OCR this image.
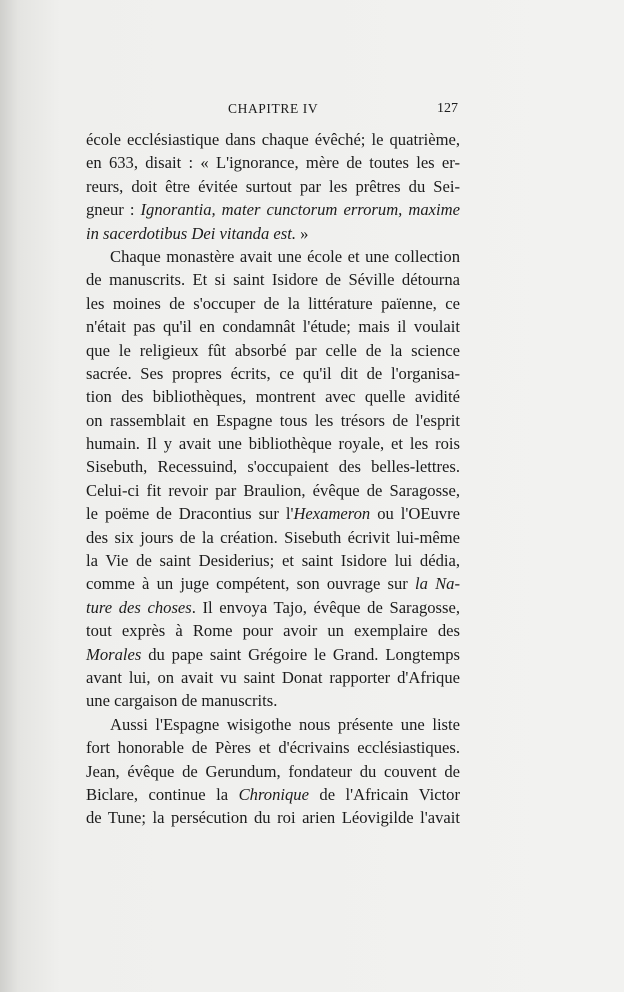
CHAPITRE IV	127
école ecclésiastique dans chaque évêché; le quatrième,
en 633, disait : « L'ignorance, mère de toutes les er-
reurs, doit être évitée surtout par les prêtres du Sei-
gneur : Ignorantia, mater cunctorum errorum, maxime
in sacerdotibus Dei vitanda est. »
Chaque monastère avait une école et une collection
de manuscrits. Et si saint Isidore de Séville détourna
les moines de s'occuper de la littérature païenne, ce
n'était pas qu'il en condamnât l'étude; mais il voulait
que le religieux fût absorbé par celle de la science
sacrée. Ses propres écrits, ce qu'il dit de l'organisa-
tion des bibliothèques, montrent avec quelle avidité
on rassemblait en Espagne tous les trésors de l'esprit
humain. Il y avait une bibliothèque royale, et les rois
Sisebuth, Recessuind, s'occupaient des belles-lettres.
Celui-ci fit revoir par Braulion, évêque de Saragosse,
le poëme de Dracontius sur l'Hexameron ou l'OEuvre
des six jours de la création. Sisebuth écrivit lui-même
la Vie de saint Desiderius; et saint Isidore lui dédia,
comme à un juge compétent, son ouvrage sur la Na-
ture des choses. Il envoya Tajo, évêque de Saragosse,
tout exprès à Rome pour avoir un exemplaire des
Morales du pape saint Grégoire le Grand. Longtemps
avant lui, on avait vu saint Donat rapporter d'Afrique
une cargaison de manuscrits.
Aussi l'Espagne wisigothe nous présente une liste
fort honorable de Pères et d'écrivains ecclésiastiques.
Jean, évêque de Gerundum, fondateur du couvent de
Biclare, continue la Chronique de l'Africain Victor
de Tune; la persécution du roi arien Léovigilde l'avait
